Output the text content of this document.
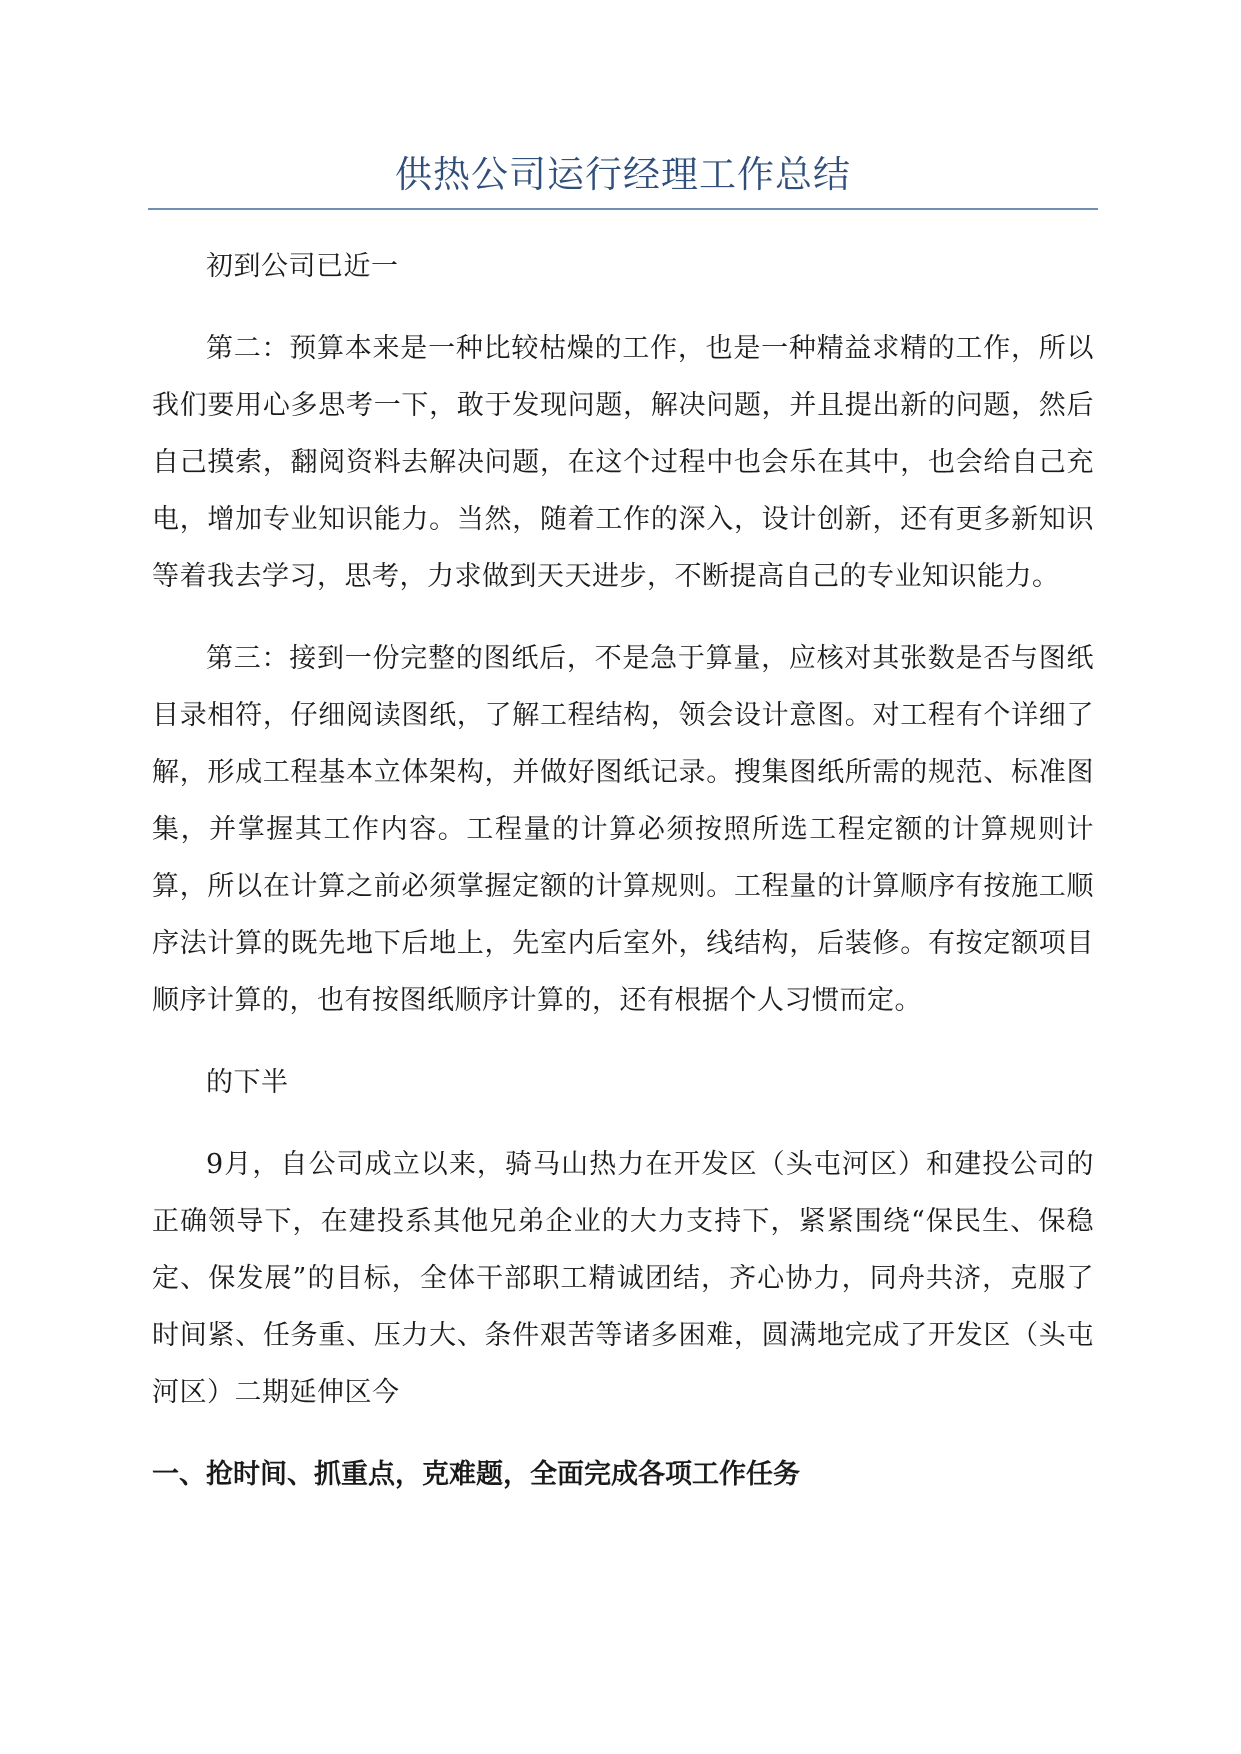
供热公司运行经理工作总结

初到公司已近一

第二：预算本来是一种比较枯燥的工作，也是一种精益求精的工作，所以我们要用心多思考一下，敢于发现问题，解决问题，并且提出新的问题，然后自己摸索，翻阅资料去解决问题，在这个过程中也会乐在其中，也会给自己充电，增加专业知识能力。当然，随着工作的深入，设计创新，还有更多新知识等着我去学习，思考，力求做到天天进步，不断提高自己的专业知识能力。

第三：接到一份完整的图纸后，不是急于算量，应核对其张数是否与图纸目录相符，仔细阅读图纸，了解工程结构，领会设计意图。对工程有个详细了解，形成工程基本立体架构，并做好图纸记录。搜集图纸所需的规范、标准图集，并掌握其工作内容。工程量的计算必须按照所选工程定额的计算规则计算，所以在计算之前必须掌握定额的计算规则。工程量的计算顺序有按施工顺序法计算的既先地下后地上，先室内后室外，线结构，后装修。有按定额项目顺序计算的，也有按图纸顺序计算的，还有根据个人习惯而定。

的下半

9月，自公司成立以来，骑马山热力在开发区（头屯河区）和建投公司的正确领导下，在建投系其他兄弟企业的大力支持下，紧紧围绕“保民生、保稳定、保发展”的目标，全体干部职工精诚团结，齐心协力，同舟共济，克服了时间紧、任务重、压力大、条件艰苦等诸多困难，圆满地完成了开发区（头屯河区）二期延伸区今

一、抢时间、抓重点，克难题，全面完成各项工作任务
